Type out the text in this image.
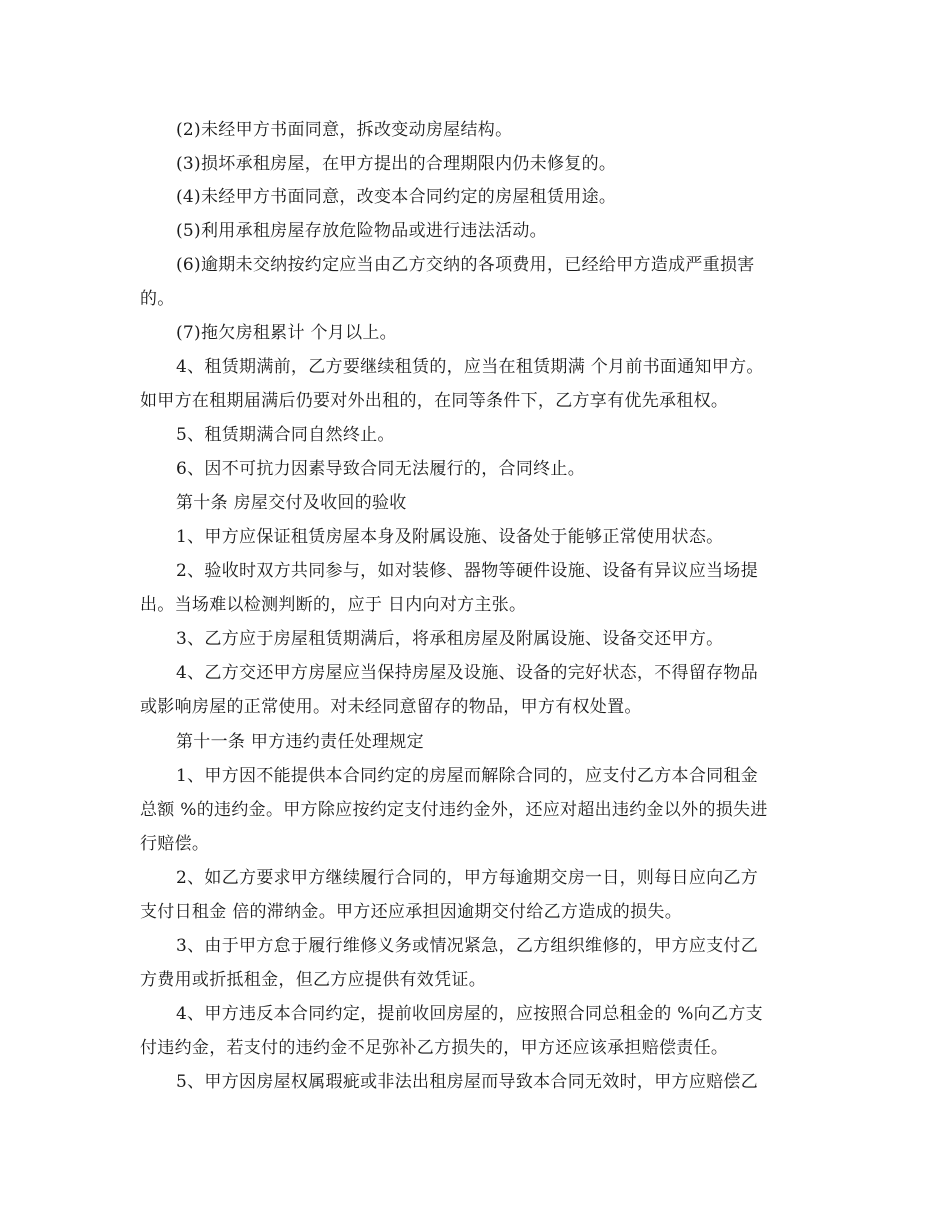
(2)未经甲方书面同意，拆改变动房屋结构。
(3)损坏承租房屋，在甲方提出的合理期限内仍未修复的。
(4)未经甲方书面同意，改变本合同约定的房屋租赁用途。
(5)利用承租房屋存放危险物品或进行违法活动。
(6)逾期未交纳按约定应当由乙方交纳的各项费用，已经给甲方造成严重损害
的。
(7)拖欠房租累计 个月以上。
4、租赁期满前，乙方要继续租赁的，应当在租赁期满 个月前书面通知甲方。
如甲方在租期届满后仍要对外出租的，在同等条件下，乙方享有优先承租权。
5、租赁期满合同自然终止。
6、因不可抗力因素导致合同无法履行的，合同终止。
第十条 房屋交付及收回的验收
1、甲方应保证租赁房屋本身及附属设施、设备处于能够正常使用状态。
2、验收时双方共同参与，如对装修、器物等硬件设施、设备有异议应当场提
出。当场难以检测判断的，应于 日内向对方主张。
3、乙方应于房屋租赁期满后，将承租房屋及附属设施、设备交还甲方。
4、乙方交还甲方房屋应当保持房屋及设施、设备的完好状态，不得留存物品
或影响房屋的正常使用。对未经同意留存的物品，甲方有权处置。
第十一条 甲方违约责任处理规定
1、甲方因不能提供本合同约定的房屋而解除合同的，应支付乙方本合同租金
总额 %的违约金。甲方除应按约定支付违约金外，还应对超出违约金以外的损失进
行赔偿。
2、如乙方要求甲方继续履行合同的，甲方每逾期交房一日，则每日应向乙方
支付日租金 倍的滞纳金。甲方还应承担因逾期交付给乙方造成的损失。
3、由于甲方怠于履行维修义务或情况紧急，乙方组织维修的，甲方应支付乙
方费用或折抵租金，但乙方应提供有效凭证。
4、甲方违反本合同约定，提前收回房屋的，应按照合同总租金的 %向乙方支
付违约金，若支付的违约金不足弥补乙方损失的，甲方还应该承担赔偿责任。
5、甲方因房屋权属瑕疵或非法出租房屋而导致本合同无效时，甲方应赔偿乙
